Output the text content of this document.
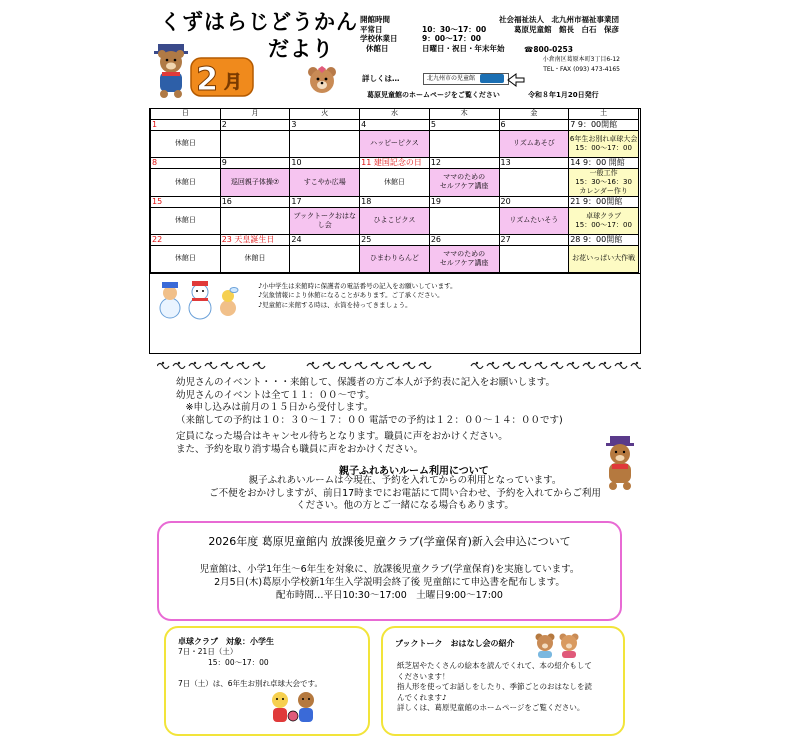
くずはらじどうかん
だより
2 月
開館時間
平常日	10：30〜17：00
学校休業日	9：00〜17：00
休館日	日曜日・祝日・年末年始	☎800-0253
詳しくは…	北九州市の児童館
葛原児童館のホームページをご覧ください
社会福祉法人　北九州市福祉事業団
葛原児童館　館長　白石　保彦
小倉南区葛原本町3丁目6-12
TEL・FAX (093) 473-4165
令和８年1月20日発行
日	月	火	水	木	金	土
1	2	3	4	5	6	7 9：00開館
休館日			ハッピーピクス		リズムあそび	6年生お別れ卓球大会
15：00〜17：00
8	9	10	11 建国記念の日	12	13	14 9：00 開館
休館日	巡回親子体操⑦	すこやか広場	休館日	ママのための
セルフケア講座		一般工作
15：30〜16：30
カレンダー作り
15	16	17	18	19	20	21 9：00開館
休館日		ブックトークおはなし会	ひよこピクス		リズムたいそう	卓球クラブ
15：00〜17：00
22	23 天皇誕生日	24	25	26	27	28 9：00開館
休館日	休館日		ひまわりらんど	ママのための
セルフケア講座		お花いっぱい大作戦
♪小中学生は来館時に保護者の電話番号の記入をお願いしています。
♪気象情報により休館になることがあります。ご了承ください。
♪児童館に来館する時は、水筒を持ってきましょう。
幼児さんのイベント・・・来館して、保護者の方ご本人が予約表に記入をお願いします。
幼児さんのイベントは全て１１：００〜です。
　※申し込みは前月の１５日から受付します。
（来館しての予約は１０：３０〜１７：００ 電話での予約は１２：００〜１４：００です)
定員になった場合はキャンセル待ちとなります。職員に声をおかけください。
また、予約を取り消す場合も職員に声をおかけください。
親子ふれあいルーム利用について
親子ふれあいルームは今現在、予約を入れてからの利用となっています。
ご不便をおかけしますが、前日17時までにお電話にて問い合わせ、予約を入れてからご利用
ください。他の方とご一緒になる場合もあります。
2026年度 葛原児童館内 放課後児童クラブ(学童保育)新入会申込について
児童館は、小学1年生〜6年生を対象に、放課後児童クラブ(学童保育)を実施しています。
2月5日(木)葛原小学校新1年生入学説明会終了後 児童館にて申込書を配布します。
配布時間…平日10:30〜17:00　土曜日9:00〜17:00
卓球クラブ　対象：小学生
7日・21日（土）
　　　　15：00〜17：00

7日（土）は、6年生お別れ卓球大会です。
ブックトーク　おはなし会の紹介
紙芝居やたくさんの絵本を読んでくれて、本の紹介もして
くださいます！
指人形を使ってお話しをしたり、季節ごとのおはなしを読
んでくれます♪
詳しくは、葛原児童館のホームページをご覧ください。
